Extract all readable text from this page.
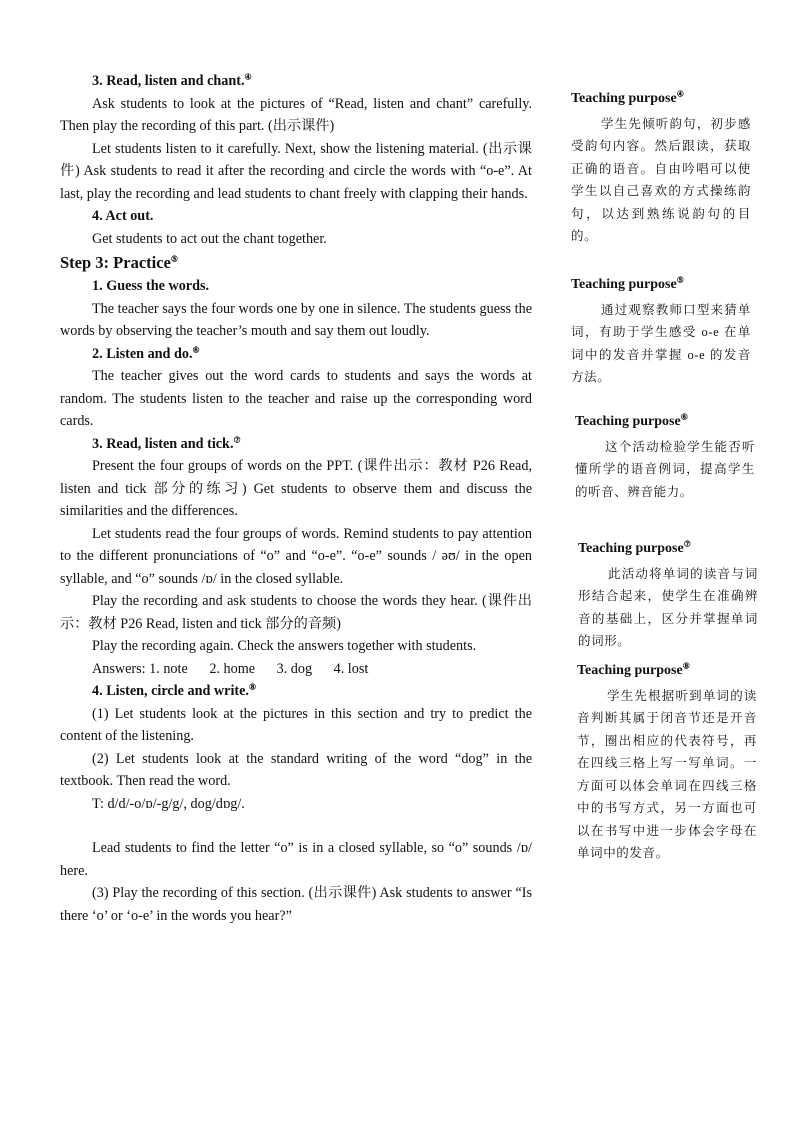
3. Read, listen and chant.④

Ask students to look at the pictures of “Read, listen and chant” carefully. Then play the recording of this part. (出示课件)

Let students listen to it carefully. Next, show the listening material. (出示课件) Ask students to read it after the recording and circle the words with “o-e”. At last, play the recording and lead students to chant freely with clapping their hands.

4. Act out.

Get students to act out the chant together.

Step 3: Practice⑤

1. Guess the words.

The teacher says the four words one by one in silence. The students guess the words by observing the teacher’s mouth and say them out loudly.

2. Listen and do.⑥

The teacher gives out the word cards to students and says the words at random. The students listen to the teacher and raise up the corresponding word cards.

3. Read, listen and tick.⑦

Present the four groups of words on the PPT. (课件出示：教材 P26 Read, listen and tick 部分的练习) Get students to observe them and discuss the similarities and the differences.

Let students read the four groups of words. Remind students to pay attention to the different pronunciations of “o” and “o-e”. “o-e” sounds / əʊ/ in the open syllable, and “o” sounds /ɒ/ in the closed syllable.

Play the recording and ask students to choose the words they hear. (课件出示：教材 P26 Read, listen and tick 部分的音频)

Play the recording again. Check the answers together with students.

Answers: 1. note 2. home 3. dog 4. lost

4. Listen, circle and write.⑧

(1) Let students look at the pictures in this section and try to predict the content of the listening.

(2) Let students look at the standard writing of the word “dog” in the textbook. Then read the word.

T: d/d/-o/ɒ/-g/g/, dog/dɒg/.

Lead students to find the letter “o” is in a closed syllable, so “o” sounds /ɒ/ here.

(3) Play the recording of this section. (出示课件) Ask students to answer “Is there ‘o’ or ‘o-e’ in the words you hear?”

Teaching purpose④

学生先倾听韵句，初步感受韵句内容。然后跟读，获取正确的语音。自由吟唱可以使学生以自己喜欢的方式操练韵句，以达到熟练说韵句的目的。

Teaching purpose⑤

通过观察教师口型来猜单词，有助于学生感受 o-e 在单词中的发音并掌握 o-e 的发音方法。

Teaching purpose⑥

这个活动检验学生能否听懂所学的语音例词，提高学生的听音、辨音能力。

Teaching purpose⑦

此活动将单词的读音与词形结合起来，使学生在准确辨音的基础上，区分并掌握单词的词形。

Teaching purpose⑧

学生先根据听到单词的读音判断其属于闭音节还是开音节，圈出相应的代表符号，再在四线三格上写一写单词。一方面可以体会单词在四线三格中的书写方式，另一方面也可以在书写中进一步体会字母在单词中的发音。
